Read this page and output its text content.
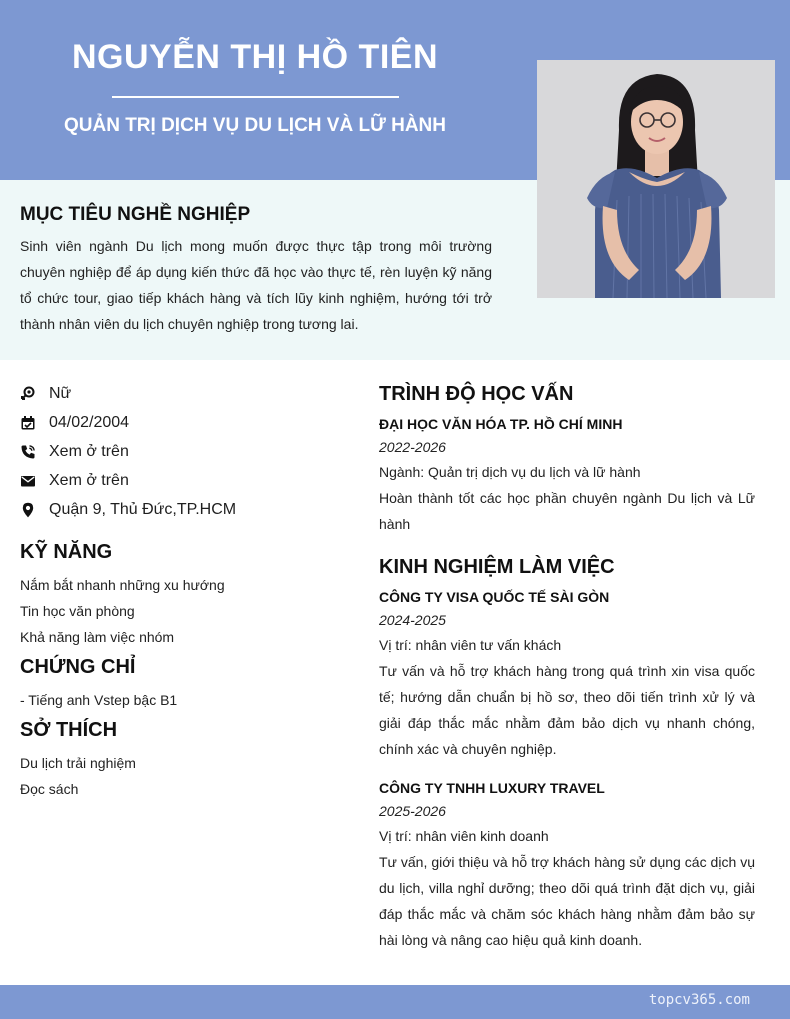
NGUYỄN THỊ HỒ TIÊN
QUẢN TRỊ DỊCH VỤ DU LỊCH VÀ LỮ HÀNH
MỤC TIÊU NGHỀ NGHIỆP
Sinh viên ngành Du lịch mong muốn được thực tập trong môi trường chuyên nghiệp để áp dụng kiến thức đã học vào thực tế, rèn luyện kỹ năng tổ chức tour, giao tiếp khách hàng và tích lũy kinh nghiệm, hướng tới trở thành nhân viên du lịch chuyên nghiệp trong tương lai.
Nữ
04/02/2004
Xem ở trên
Xem ở trên
Quận 9, Thủ Đức,TP.HCM
KỸ NĂNG
Nắm bắt nhanh những xu hướng
Tin học văn phòng
Khả năng làm việc nhóm
CHỨNG CHỈ
- Tiếng anh Vstep bậc B1
SỞ THÍCH
Du lịch trải nghiệm
Đọc sách
TRÌNH ĐỘ HỌC VẤN
ĐẠI HỌC VĂN HÓA TP. HỒ CHÍ MINH
2022-2026
Ngành: Quản trị dịch vụ du lịch và lữ hành
Hoàn thành tốt các học phần chuyên ngành Du lịch và Lữ hành
KINH NGHIỆM LÀM VIỆC
CÔNG TY VISA QUỐC TẾ SÀI GÒN
2024-2025
Vị trí: nhân viên tư vấn khách
Tư vấn và hỗ trợ khách hàng trong quá trình xin visa quốc tế; hướng dẫn chuẩn bị hồ sơ, theo dõi tiến trình xử lý và giải đáp thắc mắc nhằm đảm bảo dịch vụ nhanh chóng, chính xác và chuyên nghiệp.
CÔNG TY TNHH LUXURY TRAVEL
2025-2026
Vị trí: nhân viên kinh doanh
Tư vấn, giới thiệu và hỗ trợ khách hàng sử dụng các dịch vụ du lịch, villa nghỉ dưỡng; theo dõi quá trình đặt dịch vụ, giải đáp thắc mắc và chăm sóc khách hàng nhằm đảm bảo sự hài lòng và nâng cao hiệu quả kinh doanh.
topcv365.com
